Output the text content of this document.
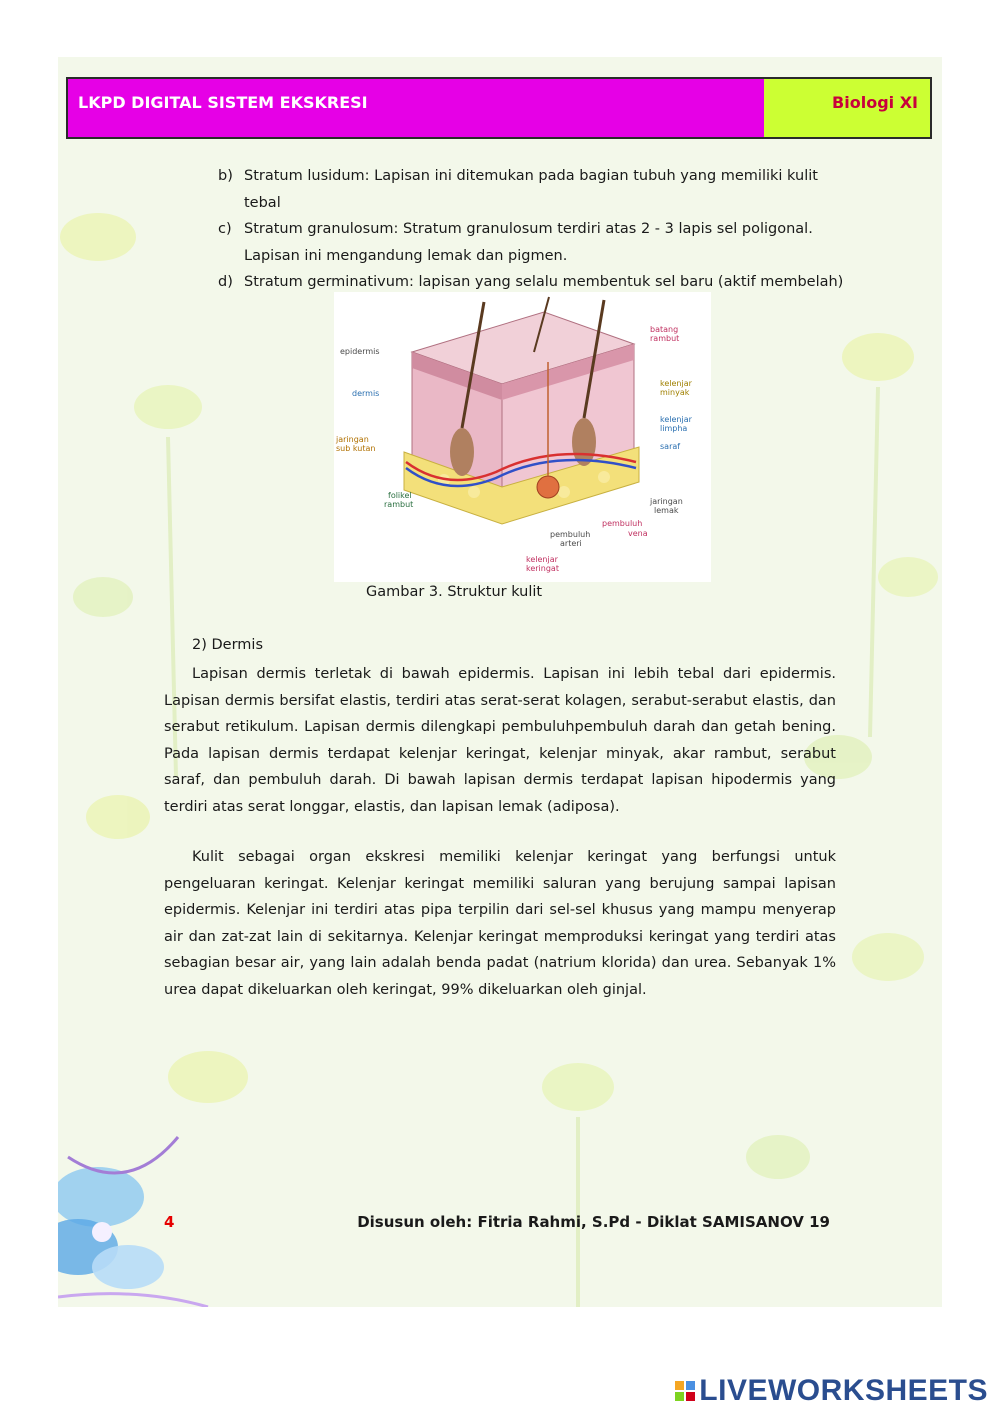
LKPD DIGITAL SISTEM EKSKRESI	Biologi XI
b) Stratum lusidum: Lapisan ini ditemukan pada bagian tubuh yang memiliki kulit tebal
c) Stratum granulosum: Stratum granulosum terdiri atas 2 - 3 lapis sel poligonal. Lapisan ini mengandung lemak dan pigmen.
d) Stratum germinativum: lapisan yang selalu membentuk sel baru (aktif membelah)
epidermis
dermis
jaringan
sub kutan
folikel
rambut
batang
rambut
kelenjar
minyak
kelenjar
limpha
saraf
jaringan
lemak
pembuluh
vena
pembuluh
arteri
kelenjar
keringat
Gambar 3. Struktur kulit
2) Dermis

Lapisan dermis terletak di bawah epidermis. Lapisan ini lebih tebal dari epidermis. Lapisan dermis bersifat elastis, terdiri atas serat-serat kolagen, serabut-serabut elastis, dan serabut retikulum. Lapisan dermis dilengkapi pembuluhpembuluh darah dan getah bening. Pada lapisan dermis terdapat kelenjar keringat, kelenjar minyak, akar rambut, serabut saraf, dan pembuluh darah. Di bawah lapisan dermis terdapat lapisan hipodermis yang terdiri atas serat longgar, elastis, dan lapisan lemak (adiposa).

Kulit sebagai organ ekskresi memiliki kelenjar keringat yang berfungsi untuk pengeluaran keringat. Kelenjar keringat memiliki saluran yang berujung sampai lapisan epidermis. Kelenjar ini terdiri atas pipa terpilin dari sel-sel khusus yang mampu menyerap air dan zat-zat lain di sekitarnya. Kelenjar keringat memproduksi keringat yang terdiri atas sebagian besar air, yang lain adalah benda padat (natrium klorida) dan urea. Sebanyak 1% urea dapat dikeluarkan oleh keringat, 99% dikeluarkan oleh ginjal.

4	Disusun oleh: Fitria Rahmi, S.Pd - Diklat SAMISANOV 19
LIVEWORKSHEETS
